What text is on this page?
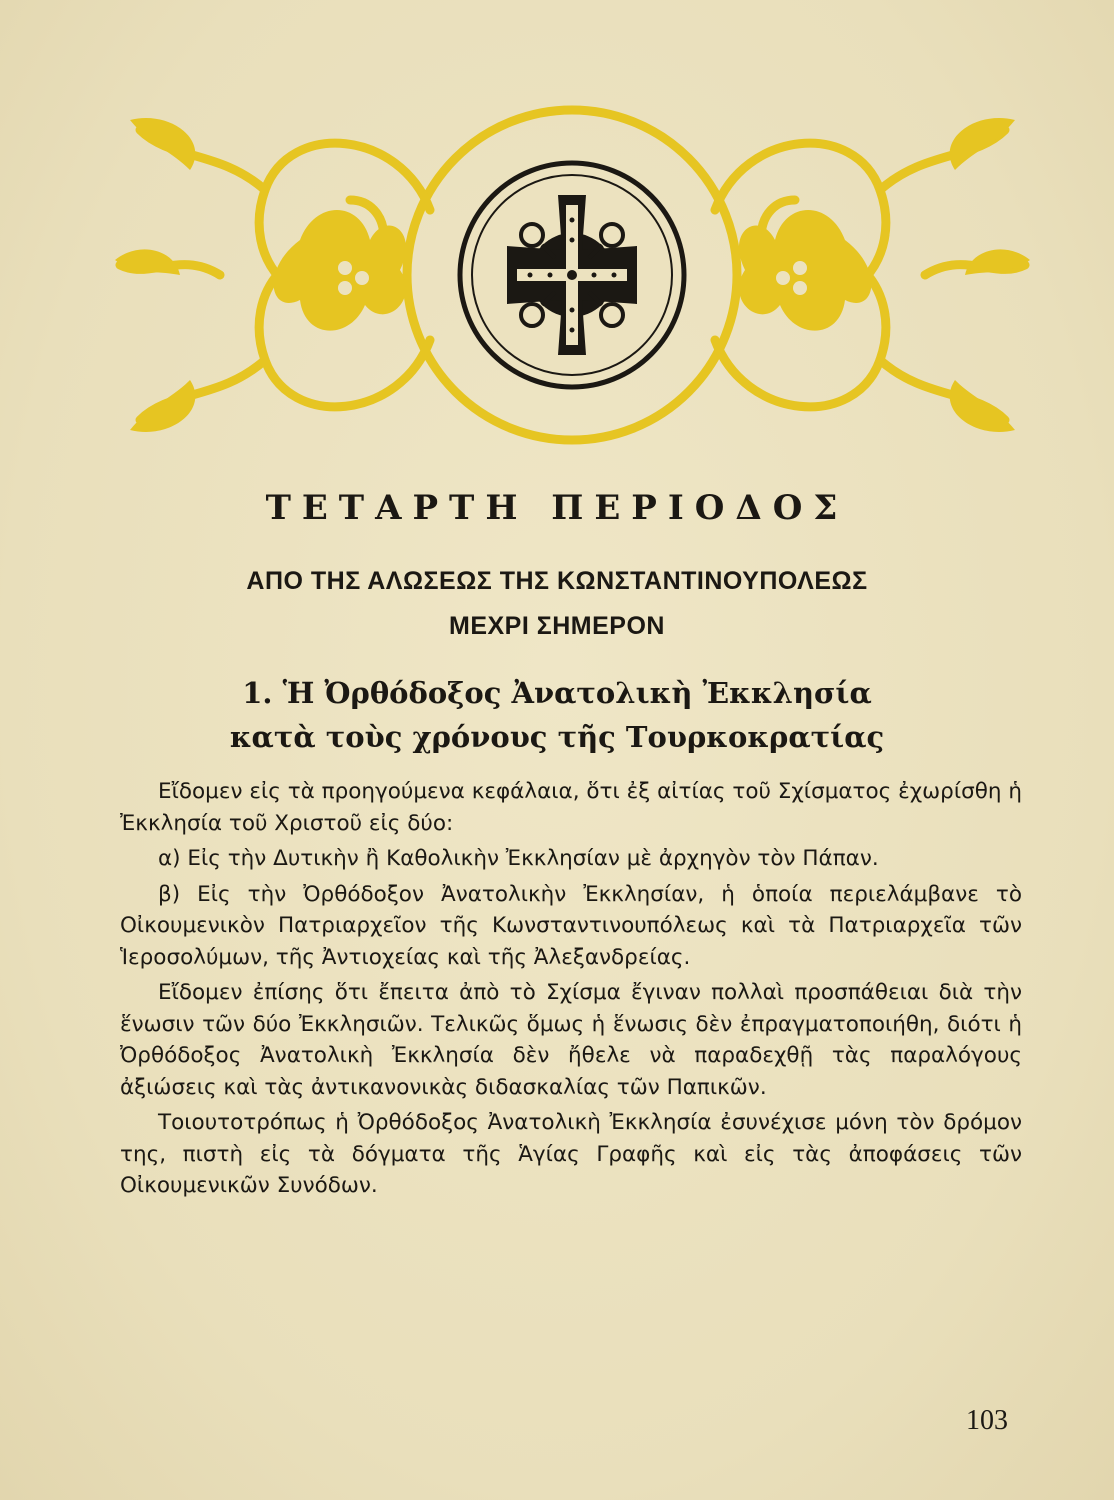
ΤΕΤΑΡΤΗ ΠΕΡΙΟΔΟΣ
ΑΠΟ ΤΗΣ ΑΛΩΣΕΩΣ ΤΗΣ ΚΩΝΣΤΑΝΤΙΝΟΥΠΟΛΕΩΣ
ΜΕΧΡΙ ΣΗΜΕΡΟΝ
1. Ἡ Ὀρθόδοξος Ἀνατολικὴ Ἐκκλησία
κατὰ τοὺς χρόνους τῆς Τουρκοκρατίας

Εἴδομεν εἰς τὰ προηγούμενα κεφάλαια, ὅτι ἐξ αἰτίας τοῦ Σχίσματος ἐχωρίσθη ἡ Ἐκκλησία τοῦ Χριστοῦ εἰς δύο:

α) Εἰς τὴν Δυτικὴν ἢ Καθολικὴν Ἐκκλησίαν μὲ ἀρχηγὸν τὸν Πάπαν.

β) Εἰς τὴν Ὀρθόδοξον Ἀνατολικὴν Ἐκκλησίαν, ἡ ὁποία περιελάμβανε τὸ Οἰκουμενικὸν Πατριαρχεῖον τῆς Κωνσταντινουπόλεως καὶ τὰ Πατριαρχεῖα τῶν Ἱεροσολύμων, τῆς Ἀντιοχείας καὶ τῆς Ἀλεξανδρείας.

Εἴδομεν ἐπίσης ὅτι ἔπειτα ἀπὸ τὸ Σχίσμα ἔγιναν πολλαὶ προσπάθειαι διὰ τὴν ἕνωσιν τῶν δύο Ἐκκλησιῶν. Τελικῶς ὅμως ἡ ἕνωσις δὲν ἐπραγματοποιήθη, διότι ἡ Ὀρθόδοξος Ἀνατολικὴ Ἐκκλησία δὲν ἤθελε νὰ παραδεχθῇ τὰς παραλόγους ἀξιώσεις καὶ τὰς ἀντικανονικὰς διδασκαλίας τῶν Παπικῶν.

Τοιουτοτρόπως ἡ Ὀρθόδοξος Ἀνατολικὴ Ἐκκλησία ἐσυνέχισε μόνη τὸν δρόμον της, πιστὴ εἰς τὰ δόγματα τῆς Ἁγίας Γραφῆς καὶ εἰς τὰς ἀποφάσεις τῶν Οἰκουμενικῶν Συνόδων.

103
